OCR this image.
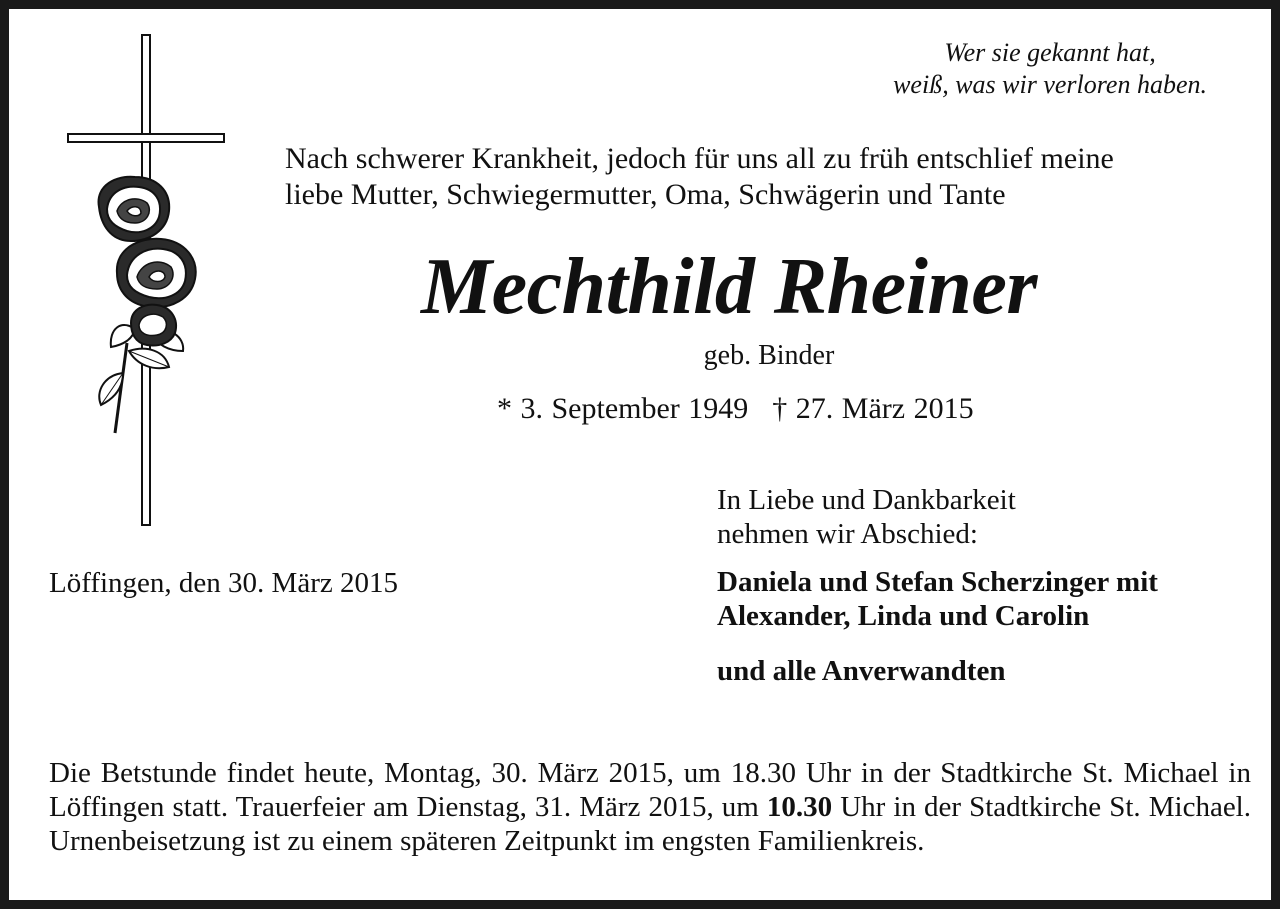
Wer sie gekannt hat,
weiß, was wir verloren haben.
Nach schwerer Krankheit, jedoch für uns all zu früh entschlief meine
liebe Mutter, Schwiegermutter, Oma, Schwägerin und Tante
Mechthild Rheiner
geb. Binder
* 3. September 1949 † 27. März 2015
In Liebe und Dankbarkeit
nehmen wir Abschied:
Löffingen, den 30. März 2015	Daniela und Stefan Scherzinger mit
Alexander, Linda und Carolin
und alle Anverwandten

Die Betstunde findet heute, Montag, 30. März 2015, um 18.30 Uhr in der Stadtkirche St. Michael in Löffingen statt. Trauerfeier am Dienstag, 31. März 2015, um 10.30 Uhr in der Stadtkirche St. Michael. Urnenbeisetzung ist zu einem späteren Zeitpunkt im engsten Familienkreis.
